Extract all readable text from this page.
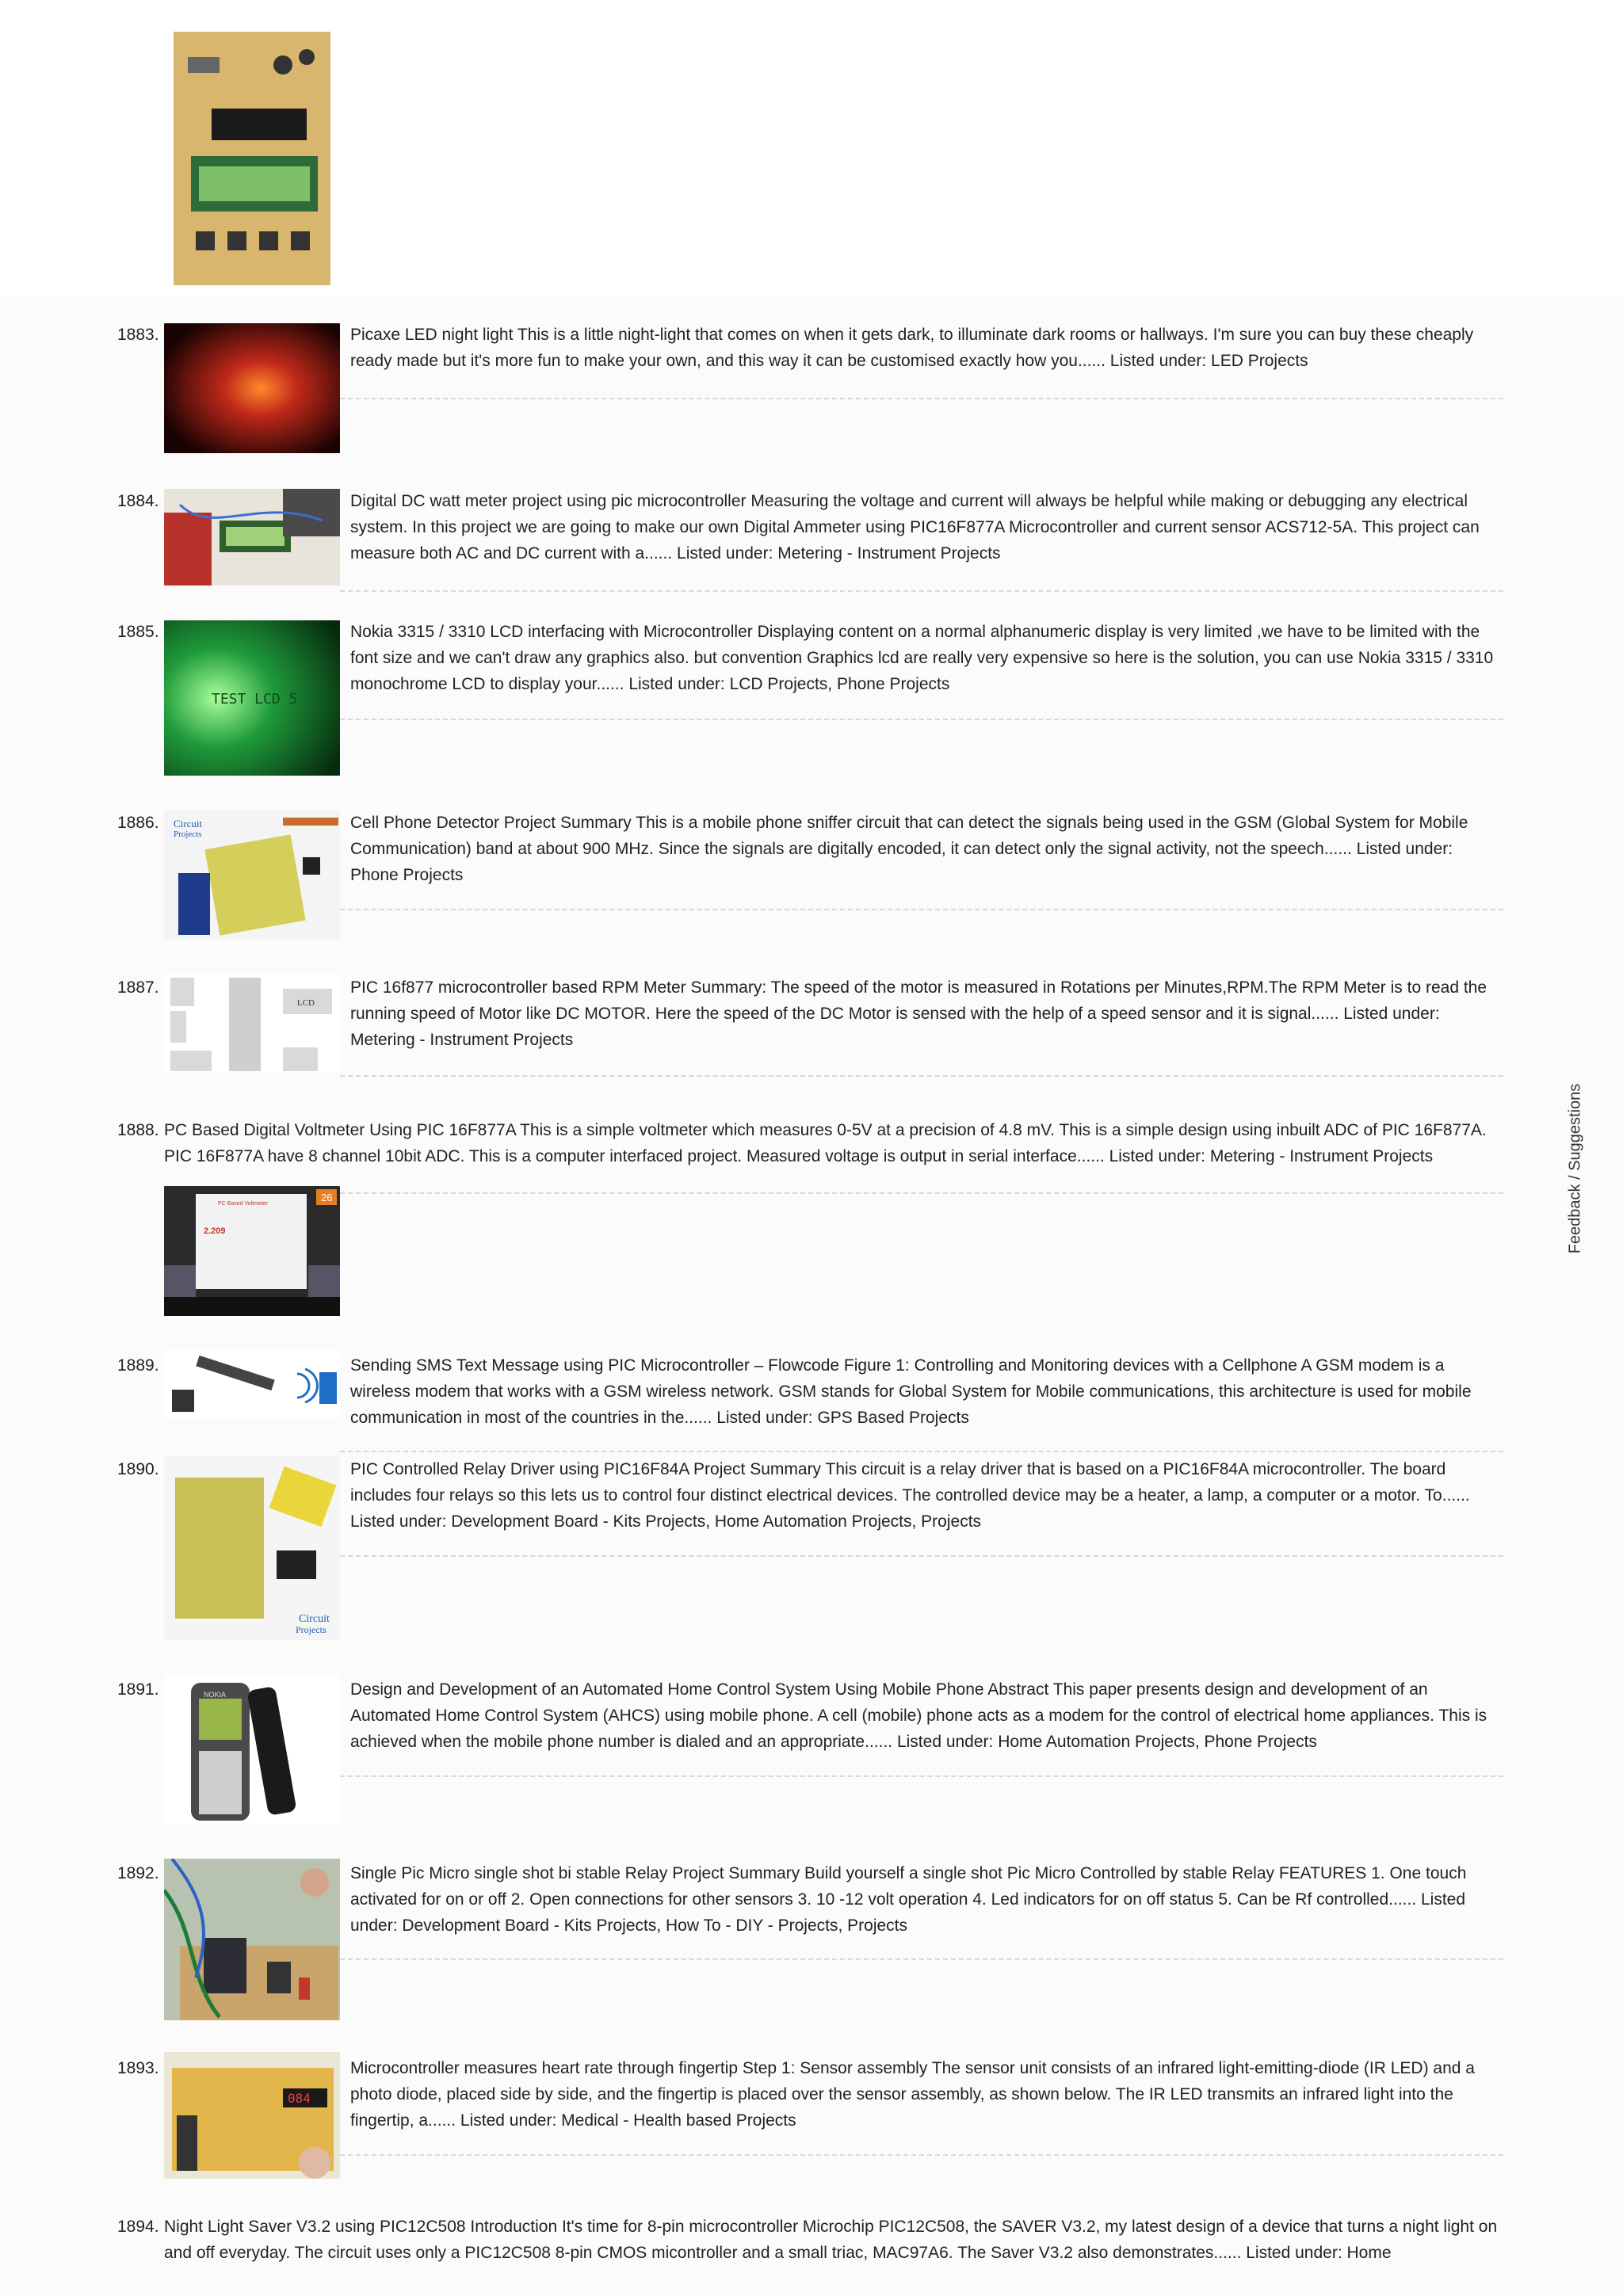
1883.	Picaxe LED night light This is a little night-light that comes on when it gets dark, to illuminate dark rooms or hallways. I'm sure you can buy these cheaply ready made but it's more fun to make your own, and this way it can be customised exactly how you...... Listed under: LED Projects
1884.	Digital DC watt meter project using pic microcontroller Measuring the voltage and current will always be helpful while making or debugging any electrical system. In this project we are going to make our own Digital Ammeter using PIC16F877A Microcontroller and current sensor ACS712-5A. This project can measure both AC and DC current with a...... Listed under: Metering - Instrument Projects
1885.
TEST LCD 5
Nokia 3315 / 3310 LCD interfacing with Microcontroller Displaying content on a normal alphanumeric display is very limited ,we have to be limited with the font size and we can't draw any graphics also. but convention Graphics lcd are really very expensive so here is the solution, you can use Nokia 3315 / 3310 monochrome LCD to display your...... Listed under: LCD Projects, Phone Projects
1886. Circuit
Projects
Cell Phone Detector Project Summary This is a mobile phone sniffer circuit that can detect the signals being used in the GSM (Global System for Mobile Communication) band at about 900 MHz. Since the signals are digitally encoded, it can detect only the signal activity, not the speech...... Listed under: Phone Projects
1887.
LCD
PIC 16f877 microcontroller based RPM Meter Summary: The speed of the motor is measured in Rotations per Minutes,RPM.The RPM Meter is to read the running speed of Motor like DC MOTOR. Here the speed of the DC Motor is sensed with the help of a speed sensor and it is signal...... Listed under: Metering - Instrument Projects
1888. PC Based Digital Voltmeter Using PIC 16F877A This is a simple voltmeter which measures 0-5V at a precision of 4.8 mV. This is a simple design using inbuilt ADC of PIC 16F877A. PIC 16F877A have 8 channel 10bit ADC. This is a computer interfaced project. Measured voltage is output in serial interface...... Listed under: Metering - Instrument Projects
PC Based Voltmeter
2.209
26
1889.	Sending SMS Text Message using PIC Microcontroller – Flowcode Figure 1: Controlling and Monitoring devices with a Cellphone A GSM modem is a wireless modem that works with a GSM wireless network. GSM stands for Global System for Mobile communications, this architecture is used for mobile communication in most of the countries in the...... Listed under: GPS Based Projects
1890.
Circuit
Projects
PIC Controlled Relay Driver using PIC16F84A Project Summary This circuit is a relay driver that is based on a PIC16F84A microcontroller. The board includes four relays so this lets us to control four distinct electrical devices. The controlled device may be a heater, a lamp, a computer or a motor. To...... Listed under: Development Board - Kits Projects, Home Automation Projects, Projects
1891.	NOKIA	Design and Development of an Automated Home Control System Using Mobile Phone Abstract This paper presents design and development of an Automated Home Control System (AHCS) using mobile phone. A cell (mobile) phone acts as a modem for the control of electrical home appliances. This is achieved when the mobile phone number is dialed and an appropriate...... Listed under: Home Automation Projects, Phone Projects
1892.	Single Pic Micro single shot bi stable Relay Project Summary Build yourself a single shot Pic Micro Controlled by stable Relay FEATURES 1. One touch activated for on or off 2. Open connections for other sensors 3. 10 -12 volt operation 4. Led indicators for on off status 5. Can be Rf controlled...... Listed under: Development Board - Kits Projects, How To - DIY - Projects, Projects
1893.
084
Microcontroller measures heart rate through fingertip Step 1: Sensor assembly The sensor unit consists of an infrared light-emitting-diode (IR LED) and a photo diode, placed side by side, and the fingertip is placed over the sensor assembly, as shown below. The IR LED transmits an infrared light into the fingertip, a...... Listed under: Medical - Health based Projects
1894. Night Light Saver V3.2 using PIC12C508 Introduction It's time for 8-pin microcontroller Microchip PIC12C508, the SAVER V3.2, my latest design of a device that turns a night light on and off everyday. The circuit uses only a PIC12C508 8-pin CMOS micontroller and a small triac, MAC97A6. The Saver V3.2 also demonstrates...... Listed under: Home
Feedback / Suggestions
